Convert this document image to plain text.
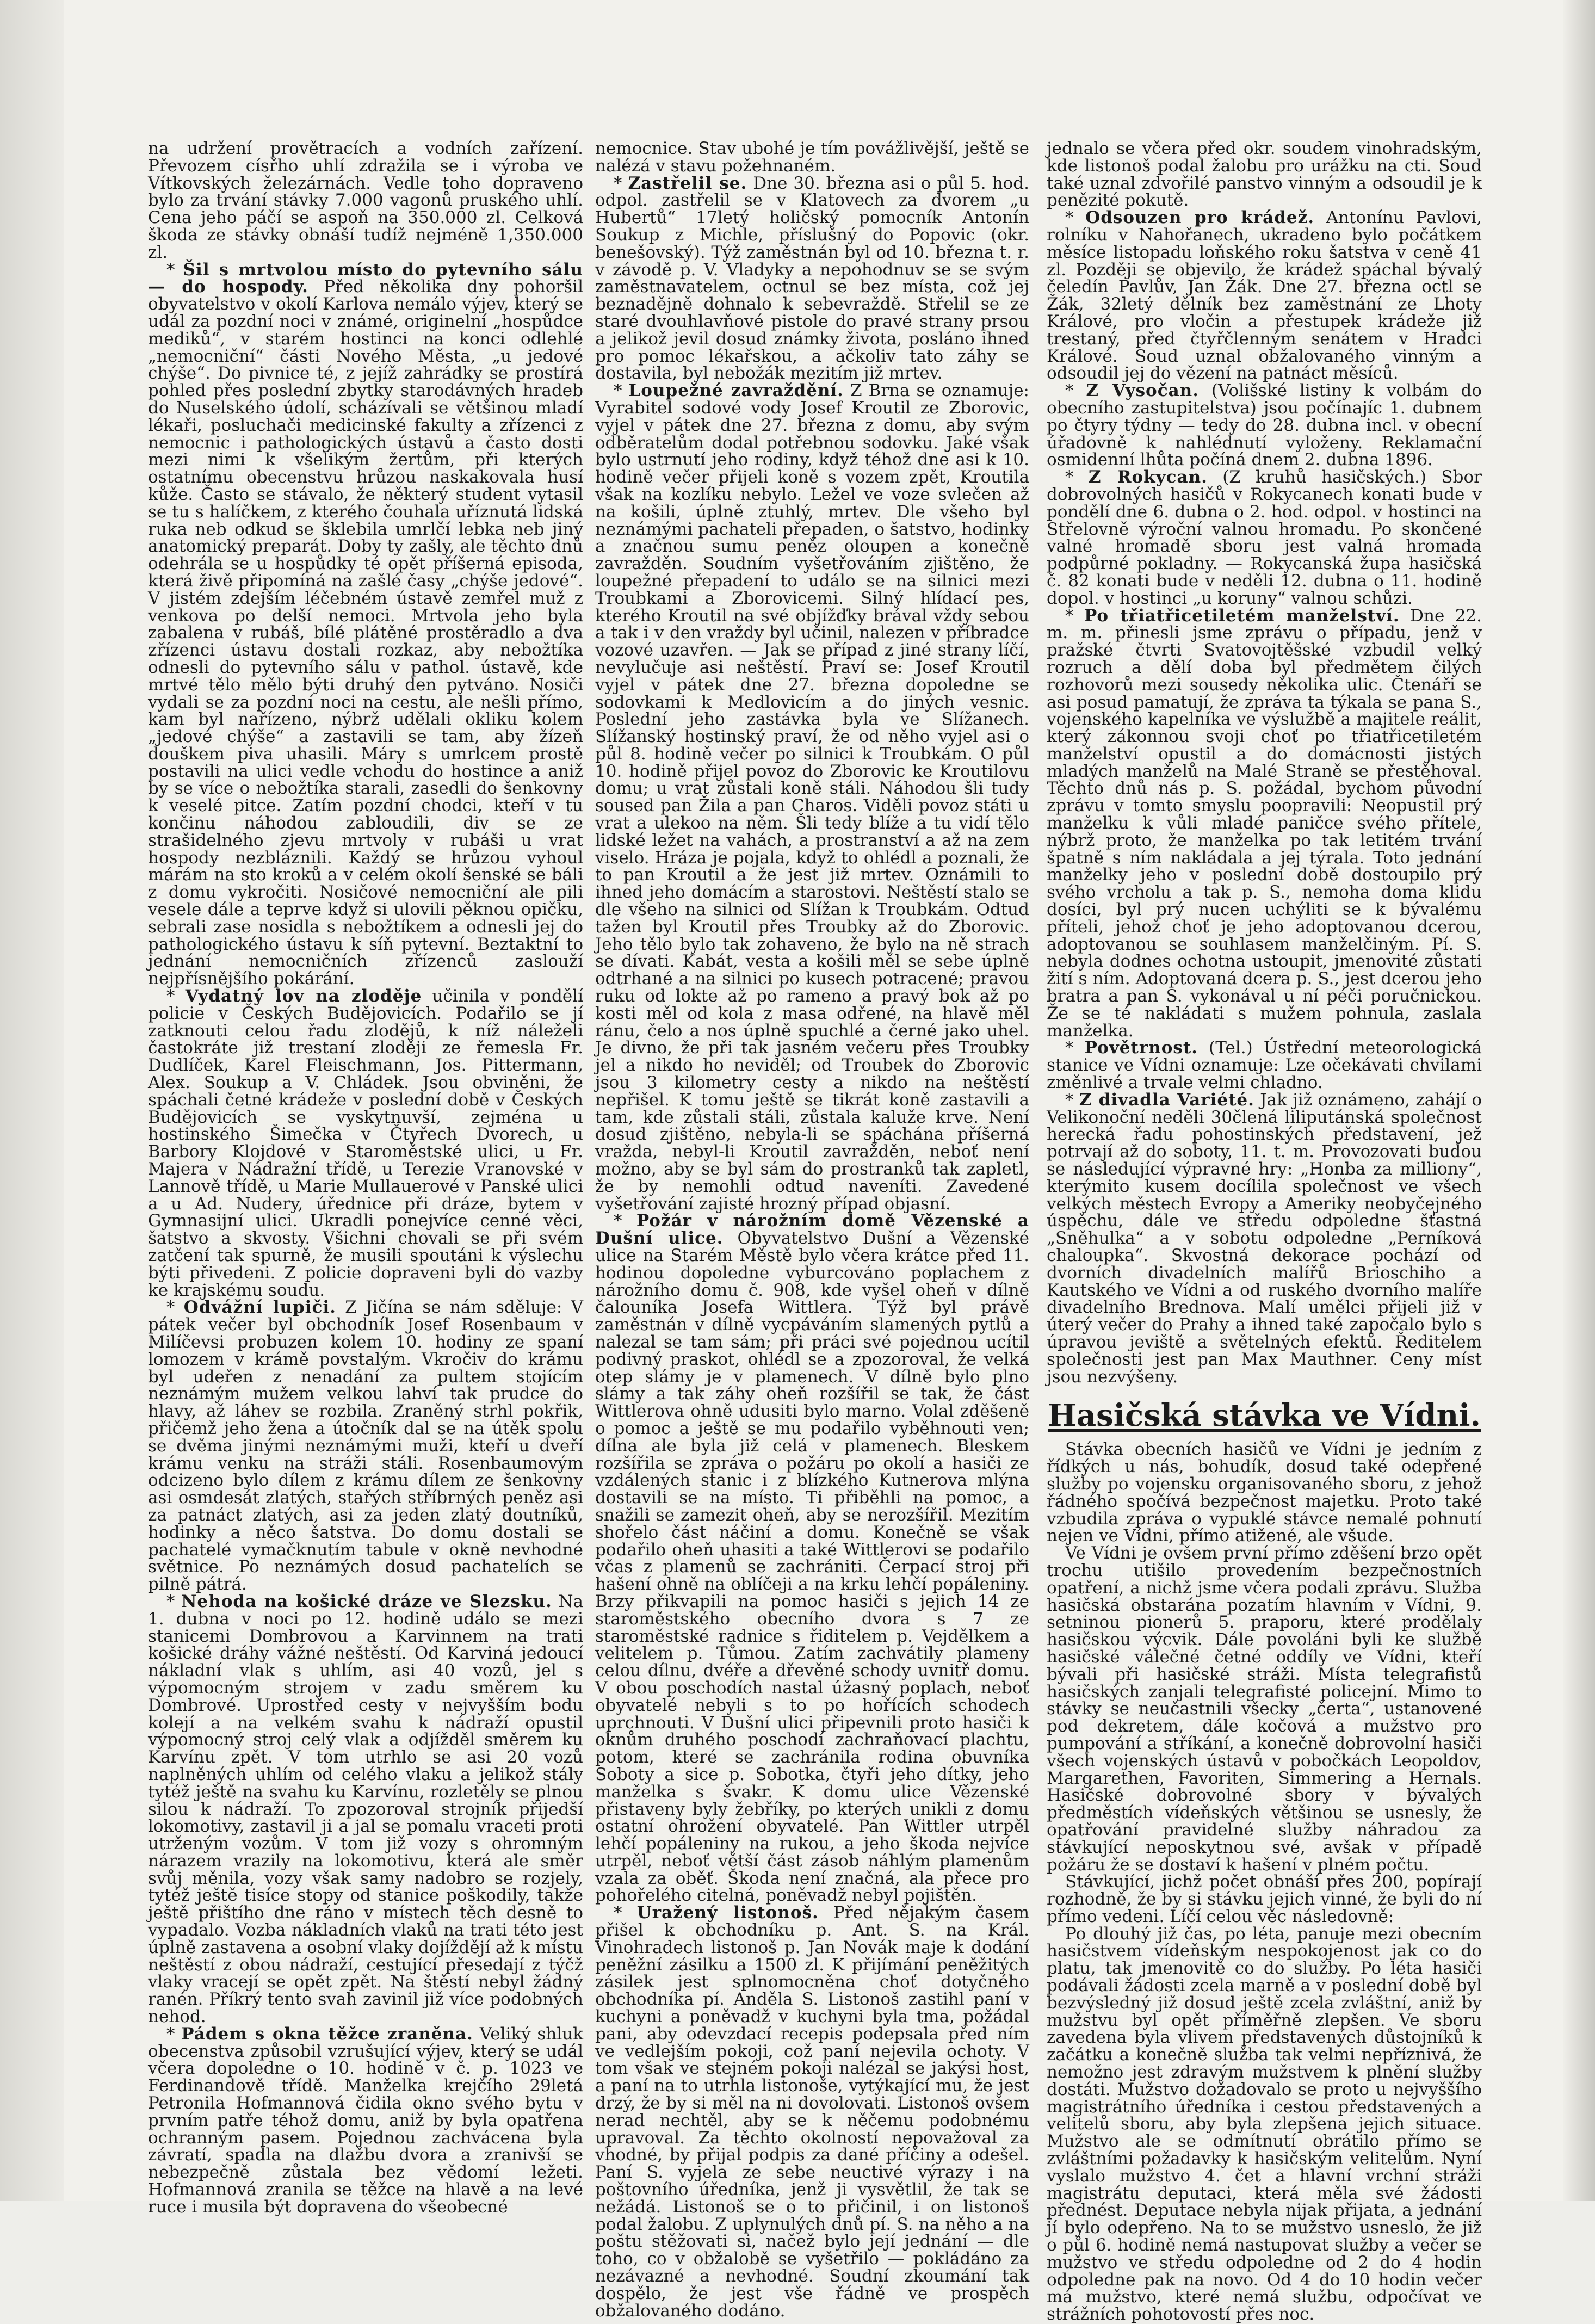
na udržení provětracích a vodních zařízení. Převozem císřho uhlí zdražila se i výroba ve Vítkovských železárnách. Vedle toho dopraveno bylo za trvání stávky 7.000 vagonů pruského uhlí. Cena jeho páčí se aspoň na 350.000 zl. Celková škoda ze stávky obnáší tudíž nejméně 1,350.000 zl.

* Šil s mrtvolou místo do pytevního sálu — do hospody. Před několika dny pohoršil obyvatelstvo v okolí Karlova nemálo výjev, který se udál za pozdní noci v známé, originelní „hospůdce mediků“, v starém hostinci na konci odlehlé „nemocniční“ části Nového Města, „u jedové chýše“. Do pivnice té, z jejíž zahrádky se prostírá pohled přes poslední zbytky starodávných hradeb do Nuselského údolí, scházívali se většinou mladí lékaři, posluchači medicinské fakulty a zřízenci z nemocnic i pathologických ústavů a často dosti mezi nimi k všelikým žertům, při kterých ostatnímu obecenstvu hrůzou naskakovala husí kůže. Často se stávalo, že některý student vytasil se tu s halíčkem, z kterého čouhala uříznutá lidská ruka neb odkud se šklebila umrlčí lebka neb jiný anatomický preparát. Doby ty zašly, ale těchto dnů odehrála se u hospůdky té opět příšerná episoda, která živě připomíná na zašlé časy „chýše jedové“. V jistém zdejším léčebném ústavě zemřel muž z venkova po delší nemoci. Mrtvola jeho byla zabalena v rubáš, bílé plátěné prostěradlo a dva zřízenci ústavu dostali rozkaz, aby nebožtíka odnesli do pytevního sálu v pathol. ústavě, kde mrtvé tělo mělo býti druhý den pytváno. Nosiči vydali se za pozdní noci na cestu, ale nešli přímo, kam byl nařízeno, nýbrž udělali okliku kolem „jedové chýše“ a zastavili se tam, aby žízeň douškem piva uhasili. Máry s umrlcem prostě postavili na ulici vedle vchodu do hostince a aniž by se více o nebožtíka starali, zasedli do šenkovny k veselé pitce. Zatím pozdní chodci, kteří v tu končinu náhodou zabloudili, div se ze strašidelného zjevu mrtvoly v rubáši u vrat hospody nezbláznili. Každý se hrůzou vyhoul márám na sto kroků a v celém okolí šenské se báli z domu vykročiti. Nosičové nemocniční ale pili vesele dále a teprve když si ulovili pěknou opičku, sebrali zase nosidla s nebožtíkem a odnesli jej do pathologického ústavu k síň pytevní. Beztaktní to jednání nemocničních zřízenců zaslouží nejpřísnějšího pokárání.

* Vydatný lov na zloděje učinila v pondělí policie v Českých Budějovicích. Podařilo se jí zatknouti celou řadu zlodějů, k níž náleželi častokráte již trestaní zloději ze řemesla Fr. Dudlíček, Karel Fleischmann, Jos. Pittermann, Alex. Soukup a V. Chládek. Jsou obviněni, že spáchali četné krádeže v poslední době v Českých Budějovicích se vyskytnuvší, zejména u hostinského Šimečka v Čtyřech Dvorech, u Barbory Klojdové v Staroměstské ulici, u Fr. Majera v Nádražní třídě, u Terezie Vranovské v Lannově třídě, u Marie Mullauerové v Panské ulici a u Ad. Nudery, úřednice při dráze, bytem v Gymnasijní ulici. Ukradli ponejvíce cenné věci, šatstvo a skvosty. Všichni chovali se při svém zatčení tak spurně, že musili spoutáni k výslechu býti přivedeni. Z policie dopraveni byli do vazby ke krajskému soudu.

* Odvážní lupiči. Z Jičína se nám sděluje: V pátek večer byl obchodník Josef Rosenbaum v Milíčevsi probuzen kolem 10. hodiny ze spaní lomozem v krámě povstalým. Vkročiv do krámu byl udeřen z nenadání za pultem stojícím neznámým mužem velkou lahví tak prudce do hlavy, až láhev se rozbila. Zraněný strhl pokřik, přičemž jeho žena a útočník dal se na útěk spolu se dvěma jinými neznámými muži, kteří u dveří krámu venku na stráži stáli. Rosenbaumovým odcizeno bylo dílem z krámu dílem ze šenkovny asi osmdesát zlatých, stařých stříbrných peněz asi za patnáct zlatých, asi za jeden zlatý doutníků, hodinky a něco šatstva. Do domu dostali se pachatelé vymačknutím tabule v okně nevhodné světnice. Po neznámých dosud pachatelích se pilně pátrá.

* Nehoda na košické dráze ve Slezsku. Na 1. dubna v noci po 12. hodině událo se mezi stanicemi Dombrovou a Karvinnem na trati košické dráhy vážné neštěstí. Od Karviná jedoucí nákladní vlak s uhlím, asi 40 vozů, jel s výpomocným strojem v zadu směrem ku Dombrové. Uprostřed cesty v nejvyšším bodu kolejí a na velkém svahu k nádraží opustil výpomocný stroj celý vlak a odjížděl směrem ku Karvínu zpět. V tom utrhlo se asi 20 vozů naplněných uhlím od celého vlaku a jelikož stály tytéž ještě na svahu ku Karvínu, rozletěly se plnou silou k nádraží. To zpozoroval strojník přijedší lokomotivy, zastavil ji a jal se pomalu vraceti proti utrženým vozům. V tom již vozy s ohromným nárazem vrazily na lokomotivu, která ale směr svůj měnila, vozy však samy nadobro se rozjely, tytéž ještě tisíce stopy od stanice poškodily, takže ještě přištího dne ráno v místech těch desně to vypadalo. Vozba nákladních vlaků na trati této jest úplně zastavena a osobní vlaky dojíždějí až k místu neštěstí z obou nádraží, cestující přesedají z týčž vlaky vracejí se opět zpět. Na štěstí nebyl žádný ranén. Příkrý tento svah zavinil již více podobných nehod.

* Pádem s okna těžce zraněna. Veliký shluk obecenstva způsobil vzrušující výjev, který se udál včera dopoledne o 10. hodině v č. p. 1023 ve Ferdinandově třídě. Manželka krejčího 29letá Petronila Hofmannová čidila okno svého bytu v prvním patře téhož domu, aniž by byla opatřena ochranným pasem. Pojednou zachvácena byla závratí, spadla na dlažbu dvora a zranivší se nebezpečně zůstala bez vědomí ležeti. Hofmannová zranila se těžce na hlavě a na levé ruce i musila být dopravena do všeobecné

nemocnice. Stav ubohé je tím povážlivější, ještě se nalézá v stavu požehnaném.

* Zastřelil se. Dne 30. března asi o půl 5. hod. odpol. zastřelil se v Klatovech za dvorem „u Hubertů“ 17letý holičský pomocník Antonín Soukup z Michle, příslušný do Popovic (okr. benešovský). Týž zaměstnán byl od 10. března t. r. v závodě p. V. Vladyky a nepohodnuv se se svým zaměstnavatelem, octnul se bez místa, což jej beznadějně dohnalo k sebevraždě. Střelil se ze staré dvouhlavňové pistole do pravé strany prsou a jelikož jevil dosud známky života, posláno ihned pro pomoc lékařskou, a ačkoliv tato záhy se dostavila, byl nebožák mezitím již mrtev.

* Loupežné zavraždění. Z Brna se oznamuje: Vyrabitel sodové vody Josef Kroutil ze Zborovic, vyjel v pátek dne 27. března z domu, aby svým odběratelům dodal potřebnou sodovku. Jaké však bylo ustrnutí jeho rodiny, když téhož dne asi k 10. hodině večer přijeli koně s vozem zpět, Kroutila však na kozlíku nebylo. Ležel ve voze svlečen až na košili, úplně ztuhlý, mrtev. Dle všeho byl neznámými pachateli přepaden, o šatstvo, hodinky a značnou sumu peněz oloupen a konečně zavražděn. Soudním vyšetřováním zjištěno, že loupežné přepadení to událo se na silnici mezi Troubkami a Zborovicemi. Silný hlídací pes, kterého Kroutil na své objížďky brával vždy sebou a tak i v den vraždy byl učinil, nalezen v příbradce vozové uzavřen. — Jak se případ z jiné strany líčí, nevylučuje asi neštěstí. Praví se: Josef Kroutil vyjel v pátek dne 27. března dopoledne se sodovkami k Medlovicím a do jiných vesnic. Poslední jeho zastávka byla ve Slížanech. Slížanský hostinský praví, že od něho vyjel asi o půl 8. hodině večer po silnici k Troubkám. O půl 10. hodině přijel povoz do Zborovic ke Kroutilovu domu; u vrat zůstali koně stáli. Náhodou šli tudy soused pan Žila a pan Charos. Viděli povoz státi u vrat a ulekoo na něm. Šli tedy blíže a tu vidí tělo lidské ležet na vahách, a prostranství a až na zem viselo. Hráza je pojala, když to ohlédl a poznali, že to pan Kroutil a že jest již mrtev. Oznámili to ihned jeho domácím a starostovi. Neštěstí stalo se dle všeho na silnici od Slížan k Troubkám. Odtud tažen byl Kroutil přes Troubky až do Zborovic. Jeho tělo bylo tak zohaveno, že bylo na ně strach se dívati. Kabát, vesta a košili měl se sebe úplně odtrhané a na silnici po kusech potracené; pravou ruku od lokte až po rameno a pravý bok až po kosti měl od kola z masa odřené, na hlavě měl ránu, čelo a nos úplně spuchlé a černé jako uhel. Je divno, že při tak jasném večeru přes Troubky jel a nikdo ho neviděl; od Troubek do Zborovic jsou 3 kilometry cesty a nikdo na neštěstí nepřišel. K tomu ještě se tikrát koně zastavili a tam, kde zůstali stáli, zůstala kaluže krve. Není dosud zjištěno, nebyla-li se spáchána příšerná vražda, nebyl-li Kroutil zavražděn, neboť není možno, aby se byl sám do prostranků tak zapletl, že by nemohli odtud naveníti. Zavedené vyšetřování zajisté hrozný případ objasní.

* Požár v nárožním domě Vězenské a Dušní ulice. Obyvatelstvo Dušní a Vězenské ulice na Starém Městě bylo včera krátce před 11. hodinou dopoledne vyburcováno poplachem z nárožního domu č. 908, kde vyšel oheň v dílně čalouníka Josefa Wittlera. Týž byl právě zaměstnán v dílně vycpáváním slamených pytlů a nalezal se tam sám; při práci své pojednou ucítil podivný praskot, ohlédl se a zpozoroval, že velká otep slámy je v plamenech. V dílně bylo plno slámy a tak záhy oheň rozšířil se tak, že část Wittlerova ohně udusiti bylo marno. Volal zděšeně o pomoc a ještě se mu podařilo vyběhnouti ven; dílna ale byla již celá v plamenech. Bleskem rozšířila se zpráva o požáru po okolí a hasiči ze vzdálených stanic i z blízkého Kutnerova mlýna dostavili se na místo. Ti přiběhli na pomoc, a snažili se zamezit oheň, aby se nerozšířil. Mezitím shořelo část náčiní a domu. Konečně se však podařilo oheň uhasiti a také Wittlerovi se podařilo včas z plamenů se zachrániti. Čerpací stroj při hašení ohně na oblíčeji a na krku lehčí popáleniny. Brzy přikvapili na pomoc hasiči s jejich 14 ze staroměstského obecního dvora s 7 ze staroměstské radnice s řiditelem p. Vejdělkem a velitelem p. Tůmou. Zatím zachvátily plameny celou dílnu, dvéře a dřevěné schody uvnitř domu. V obou poschodích nastal úžasný poplach, neboť obyvatelé nebyli s to po hořících schodech uprchnouti. V Dušní ulici připevnili proto hasiči k oknům druhého poschodí zachraňovací plachtu, potom, které se zachránila rodina obuvníka Soboty a sice p. Sobotka, čtyři jeho dítky, jeho manželka s švakr. K domu ulice Vězenské přistaveny byly žebříky, po kterých unikli z domu ostatní ohrožení obyvatelé. Pan Wittler utrpěl lehčí popáleniny na rukou, a jeho škoda nejvíce utrpěl, neboť větší část zásob náhlým plamenům vzala za oběť. Škoda není značná, ala přece pro pohořelého citelná, poněvadž nebyl pojištěn.

* Uražený listonoš. Před nějakým časem přišel k obchodníku p. Ant. S. na Král. Vinohradech listonoš p. Jan Novák maje k dodání peněžní zásilku a 1500 zl. K přijímání peněžitých zásilek jest splnomocněna choť dotyčného obchodníka pí. Anděla S. Listonoš zastihl paní v kuchyni a poněvadž v kuchyni byla tma, požádal pani, aby odevzdací recepis podepsala před ním ve vedlejším pokoji, což paní nejevila ochoty. V tom však ve stejném pokoji nalézal se jakýsi host, a paní na to utrhla listonoše, vytýkající mu, že jest drzý, že by si měl na ni dovolovati. Listonoš ovšem nerad nechtěl, aby se k něčemu podobnému upravoval. Za těchto okolností nepovažoval za vhodné, by přijal podpis za dané příčiny a odešel. Paní S. vyjela ze sebe neuctivé výrazy i na poštovního úředníka, jenž ji vysvětlil, že tak se nežádá. Listonoš se o to přičinil, i on listonoš podal žalobu. Z uplynulých dnů pí. S. na něho a na poštu stěžovati si, načež bylo její jednání — dle toho, co v obžalobě se vyšetřilo — pokládáno za nezávazné a nevhodné. Soudní zkoumání tak dospělo, že jest vše řádně ve prospěch obžalovaného dodáno.

jednalo se včera před okr. soudem vinohradským, kde listonoš podal žalobu pro urážku na cti. Soud také uznal zdvořilé panstvo vinným a odsoudil je k penězité pokutě.

* Odsouzen pro krádež. Antonínu Pavlovi, rolníku v Nahořanech, ukradeno bylo počátkem měsíce listopadu loňského roku šatstva v ceně 41 zl. Později se objevilo, že krádež spáchal bývalý čeledín Pavlův, Jan Žák. Dne 27. března octl se Žák, 32letý dělník bez zaměstnání ze Lhoty Králové, pro vločin a přestupek krádeže již trestaný, před čtyřčlenným senátem v Hradci Králové. Soud uznal obžalovaného vinným a odsoudil jej do vězení na patnáct měsíců.

* Z Vysočan. (Volišské listiny k volbám do obecního zastupitelstva) jsou počínajíc 1. dubnem po čtyry týdny — tedy do 28. dubna incl. v obecní úřadovně k nahlédnutí vyloženy. Reklamační osmidenní lhůta počíná dnem 2. dubna 1896.

* Z Rokycan. (Z kruhů hasičských.) Sbor dobrovolných hasičů v Rokycanech konati bude v pondělí dne 6. dubna o 2. hod. odpol. v hostinci na Střelovně výroční valnou hromadu. Po skončené valné hromadě sboru jest valná hromada podpůrné pokladny. — Rokycanská župa hasičská č. 82 konati bude v neděli 12. dubna o 11. hodině dopol. v hostinci „u koruny“ valnou schůzi.

* Po třiatřicetiletém manželství. Dne 22. m. m. přinesli jsme zprávu o případu, jenž v pražské čtvrti Svatovojtěšské vzbudil velký rozruch a dělí doba byl předmětem čilých rozhovorů mezi sousedy několika ulic. Čtenáři se asi posud pamatují, že zpráva ta týkala se pana S., vojenského kapelníka ve výslužbě a majitele reálit, který zákonnou svoji choť po třiatřicetiletém manželství opustil a do domácnosti jistých mladých manželů na Malé Straně se přestěhoval. Těchto dnů nás p. S. požádal, bychom původní zprávu v tomto smyslu poopravili: Neopustil prý manželku k vůli mladé paničce svého přítele, nýbrž proto, že manželka po tak letitém trvání špatně s ním nakládala a jej týrala. Toto jednání manželky jeho v poslední době dostoupilo prý svého vrcholu a tak p. S., nemoha doma klidu dosíci, byl prý nucen uchýliti se k bývalému příteli, jehož choť je jeho adoptovanou dcerou, adoptovanou se souhlasem manželčiným. Pí. S. nebyla dodnes ochotna ustoupit, jmenovité zůstati žití s ním. Adoptovaná dcera p. S., jest dcerou jeho bratra a pan S. vykonával u ní péči poručnickou. Že se té nakládati s mužem pohnula, zaslala manželka.

* Povětrnost. (Tel.) Ústřední meteorologická stanice ve Vídni oznamuje: Lze očekávati chvilami změnlivé a trvale velmi chladno.

* Z divadla Variété. Jak již oznámeno, zahájí o Velikonoční neděli 30člená liliputánská společnost herecká řadu pohostinských představení, jež potrvají až do soboty, 11. t. m. Provozovati budou se následující výpravné hry: „Honba za milliony“, kterýmito kusem docílila společnost ve všech velkých městech Evropy a Ameriky neobyčejného úspěchu, dále ve středu odpoledne šťastná „Sněhulka“ a v sobotu odpoledne „Perníková chaloupka“. Skvostná dekorace pochází od dvorních divadelních malířů Brioschiho a Kautského ve Vídni a od ruského dvorního malíře divadelního Brednova. Malí umělci přijeli již v úterý večer do Prahy a ihned také započalo bylo s úpravou jeviště a světelných efektů. Ředitelem společnosti jest pan Max Mauthner. Ceny míst jsou nezvýšeny.

Hasičská stávka ve Vídni.

Stávka obecních hasičů ve Vídni je jedním z řídkých u nás, bohudík, dosud také odepřené služby po vojensku organisovaného sboru, z jehož řádného spočívá bezpečnost majetku. Proto také vzbudila zpráva o vypuklé stávce nemalé pohnutí nejen ve Vídni, přímo atižené, ale všude.

Ve Vídni je ovšem první přímo zděšení brzo opět trochu utišilo provedením bezpečnostních opatření, a nichž jsme včera podali zprávu. Služba hasičská obstarána pozatím hlavním v Vídni, 9. setninou pionerů 5. praporu, které prodělaly hasičskou výcvik. Dále povoláni byli ke službě hasičské válečné četné oddíly ve Vídni, kteří bývali při hasičské stráži. Místa telegrafistů hasičských zanjali telegrafisté policejní. Mimo to stávky se neučastnili všecky „čerta“, ustanovené pod dekretem, dále kočová a mužstvo pro pumpování a stříkání, a konečně dobrovolní hasiči všech vojenských ústavů v pobočkách Leopoldov, Margarethen, Favoriten, Simmering a Hernals. Hasičské dobrovolné sbory v bývalých předměstích vídeňských většinou se usnesly, že opatřování pravidelné služby náhradou za stávkující neposkytnou své, avšak v případě požáru že se dostaví k hašení v plném počtu.

Stávkující, jichž počet obnáší přes 200, popírají rozhodně, že by si stávku jejich vinné, že byli do ní přímo vedeni. Líčí celou věc následovně:

Po dlouhý již čas, po léta, panuje mezi obecním hasičstvem vídeňským nespokojenost jak co do platu, tak jmenovitě co do služby. Po léta hasiči podávali žádosti zcela marně a v poslední době byl bezvýsledný již dosud ještě zcela zvláštní, aniž by mužstvu byl opět příměřně zlepšen. Ve sboru zavedena byla vlivem představených důstojníků k začátku a konečně služba tak velmi nepříznivá, že nemožno jest zdravým mužstvem k plnění služby dostáti. Mužstvo dožadovalo se proto u nejvyššího magistrátního úředníka i cestou představených a velitelů sboru, aby byla zlepšena jejich situace. Mužstvo ale se odmítnutí obrátilo přímo se zvláštními požadavky k hasičským velitelům. Nyní vyslalo mužstvo 4. čet a hlavní vrchní stráži magistrátu deputaci, která měla své žádosti přednést. Deputace nebyla nijak přijata, a jednání jí bylo odepřeno. Na to se mužstvo usneslo, že již o půl 6. hodině nemá nastupovat služby a večer se mužstvo ve středu odpoledne od 2 do 4 hodin odpoledne pak na novo. Od 4 do 10 hodin večer má mužstvo, které nemá službu, odpočívat ve strážních pohotovostí přes noc.
